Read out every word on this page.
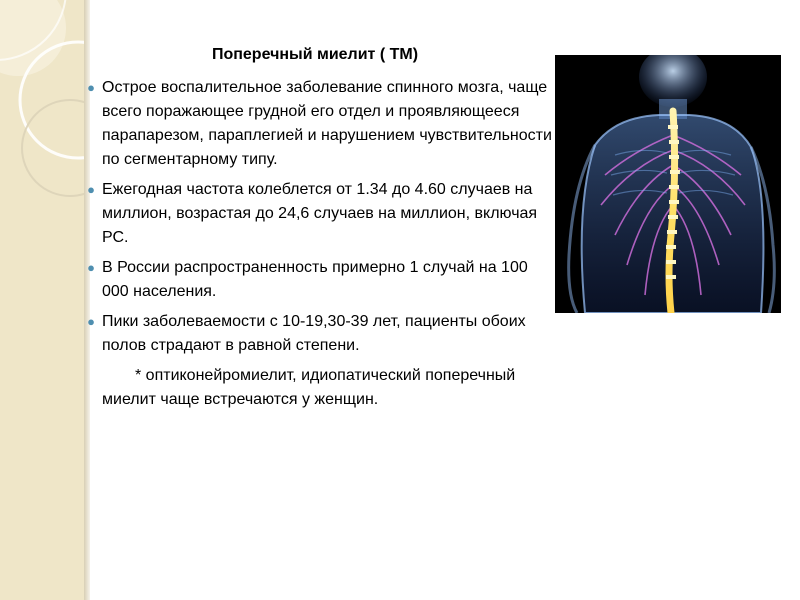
Поперечный миелит ( ТМ)
● Острое воспалительное заболевание спинного мозга, чаще всего поражающее грудной его отдел и проявляющееся парапарезом, параплегией и нарушением чувствительности по сегментарному типу.
● Ежегодная частота колеблется от 1.34 до 4.60 случаев на миллион, возрастая до 24,6 случаев на миллион, включая РС.
● В России распространенность примерно 1 случай на 100 000 населения.
● Пики заболеваемости с 10-19,30-39 лет, пациенты обоих полов страдают в равной степени.
* оптиконейромиелит, идиопатический поперечный миелит чаще встречаются у женщин.
